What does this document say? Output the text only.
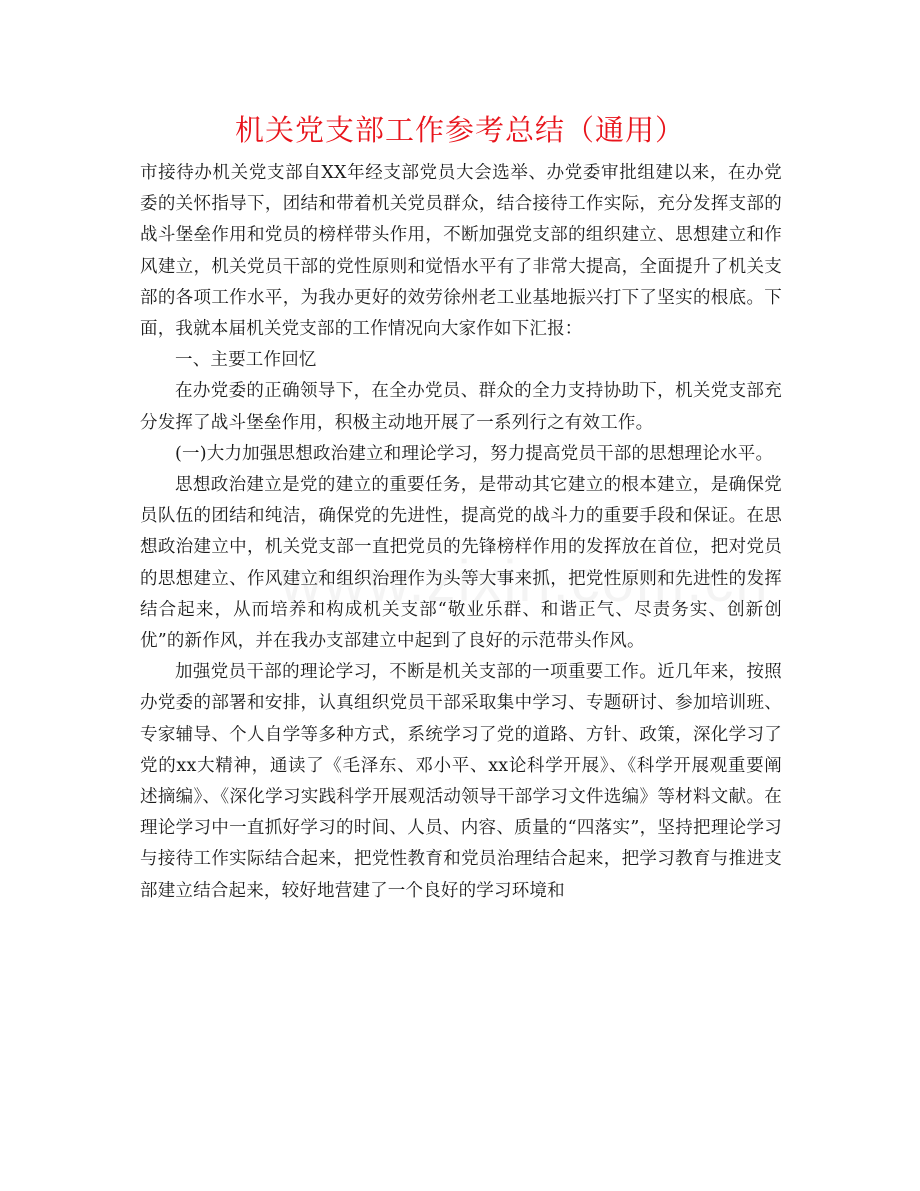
机关党支部工作参考总结（通用）

市接待办机关党支部自XX年经支部党员大会选举、办党委审批组建以来，在办党委的关怀指导下，团结和带着机关党员群众，结合接待工作实际，充分发挥支部的战斗堡垒作用和党员的榜样带头作用，不断加强党支部的组织建立、思想建立和作风建立，机关党员干部的党性原则和觉悟水平有了非常大提高，全面提升了机关支部的各项工作水平，为我办更好的效劳徐州老工业基地振兴打下了坚实的根底。下面，我就本届机关党支部的工作情况向大家作如下汇报：

一、主要工作回忆

在办党委的正确领导下，在全办党员、群众的全力支持协助下，机关党支部充分发挥了战斗堡垒作用，积极主动地开展了一系列行之有效工作。

(一)大力加强思想政治建立和理论学习，努力提高党员干部的思想理论水平。

思想政治建立是党的建立的重要任务，是带动其它建立的根本建立，是确保党员队伍的团结和纯洁，确保党的先进性，提高党的战斗力的重要手段和保证。在思想政治建立中，机关党支部一直把党员的先锋榜样作用的发挥放在首位，把对党员的思想建立、作风建立和组织治理作为头等大事来抓，把党性原则和先进性的发挥结合起来，从而培养和构成机关支部“敬业乐群、和谐正气、尽责务实、创新创优”的新作风，并在我办支部建立中起到了良好的示范带头作风。

加强党员干部的理论学习，不断是机关支部的一项重要工作。近几年来，按照办党委的部署和安排，认真组织党员干部采取集中学习、专题研讨、参加培训班、专家辅导、个人自学等多种方式，系统学习了党的道路、方针、政策，深化学习了党的xx大精神，通读了《毛泽东、邓小平、xx论科学开展》、《科学开展观重要阐述摘编》、《深化学习实践科学开展观活动领导干部学习文件选编》等材料文献。在理论学习中一直抓好学习的时间、人员、内容、质量的“四落实”，坚持把理论学习与接待工作实际结合起来，把党性教育和党员治理结合起来，把学习教育与推进支部建立结合起来，较好地营建了一个良好的学习环境和
